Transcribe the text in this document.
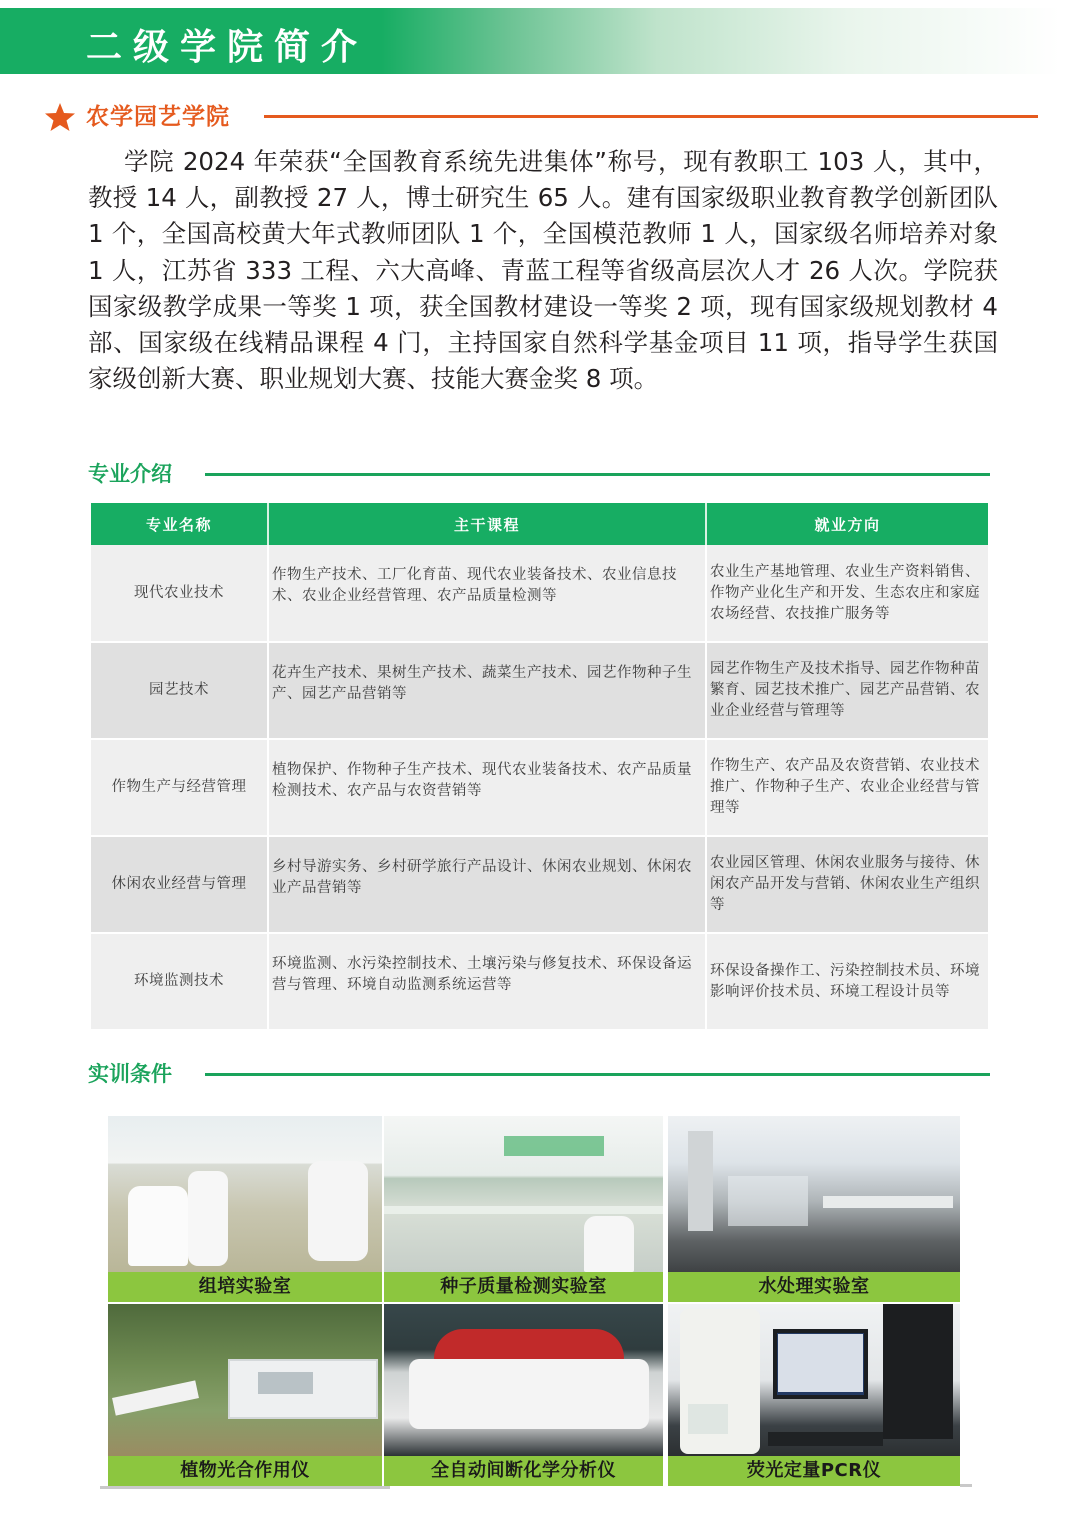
二级学院简介
农学园艺学院

学院 2024 年荣获“全国教育系统先进集体”称号，现有教职工 103 人，其中，教授 14 人，副教授 27 人，博士研究生 65 人。建有国家级职业教育教学创新团队 1 个，全国高校黄大年式教师团队 1 个，全国模范教师 1 人，国家级名师培养对象 1 人，江苏省 333 工程、六大高峰、青蓝工程等省级高层次人才 26 人次。学院获国家级教学成果一等奖 1 项，获全国教材建设一等奖 2 项，现有国家级规划教材 4 部、国家级在线精品课程 4 门，主持国家自然科学基金项目 11 项，指导学生获国家级创新大赛、职业规划大赛、技能大赛金奖 8 项。

专业介绍
专业名称	主干课程	就业方向
现代农业技术	作物生产技术、工厂化育苗、现代农业装备技术、农业信息技术、农业企业经营管理、农产品质量检测等	农业生产基地管理、农业生产资料销售、作物产业化生产和开发、生态农庄和家庭农场经营、农技推广服务等
园艺技术	花卉生产技术、果树生产技术、蔬菜生产技术、园艺作物种子生产、园艺产品营销等	园艺作物生产及技术指导、园艺作物种苗繁育、园艺技术推广、园艺产品营销、农业企业经营与管理等
作物生产与经营管理	植物保护、作物种子生产技术、现代农业装备技术、农产品质量检测技术、农产品与农资营销等	作物生产、农产品及农资营销、农业技术推广、作物种子生产、农业企业经营与管理等
休闲农业经营与管理	乡村导游实务、乡村研学旅行产品设计、休闲农业规划、休闲农业产品营销等	农业园区管理、休闲农业服务与接待、休闲农产品开发与营销、休闲农业生产组织等
环境监测技术	环境监测、水污染控制技术、土壤污染与修复技术、环保设备运营与管理、环境自动监测系统运营等	环保设备操作工、污染控制技术员、环境影响评价技术员、环境工程设计员等
实训条件
组培实验室	种子质量检测实验室	水处理实验室
植物光合作用仪	全自动间断化学分析仪	荧光定量PCR仪
